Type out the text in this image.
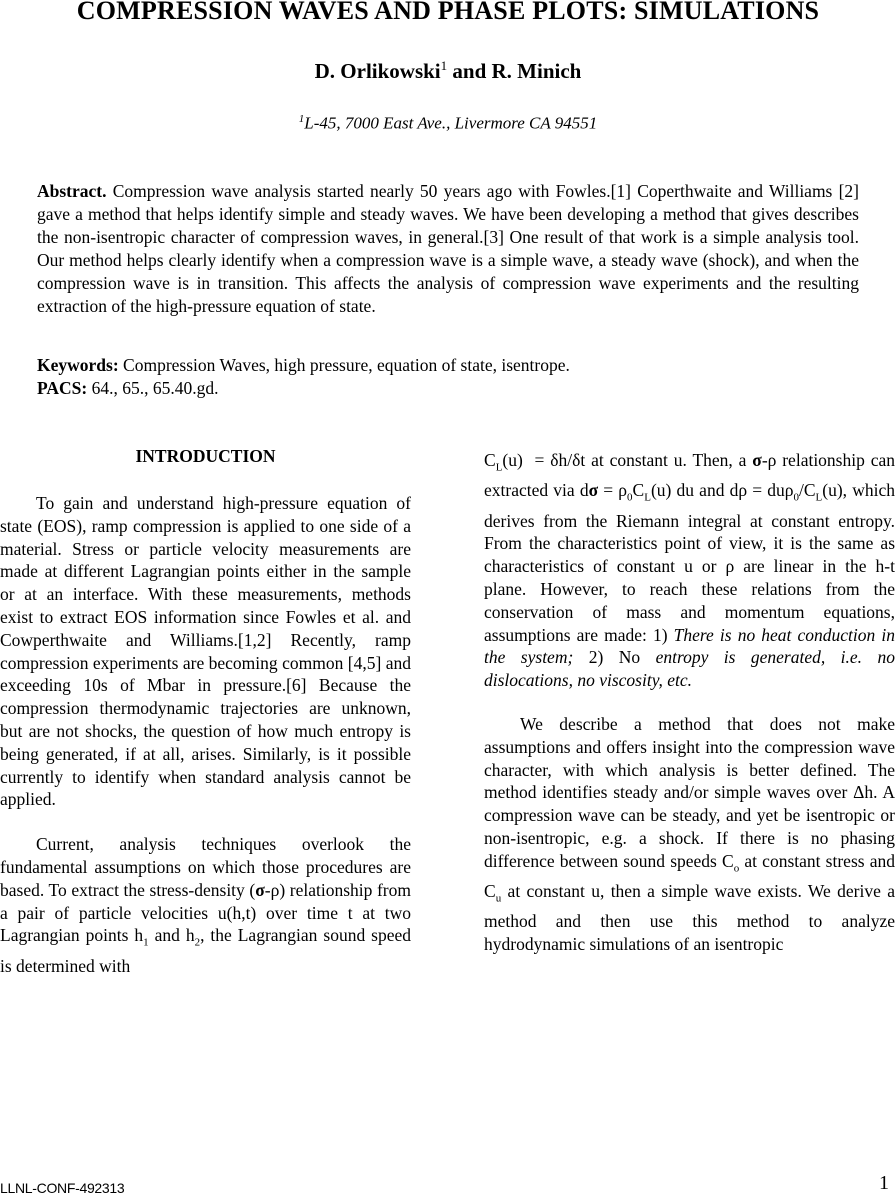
COMPRESSION WAVES AND PHASE PLOTS: SIMULATIONS
D. Orlikowski$^1$ and R. Minich
$^1$L-45, 7000 East Ave., Livermore CA 94551
Abstract. Compression wave analysis started nearly 50 years ago with Fowles.[1] Coperthwaite and Williams [2] gave a method that helps identify simple and steady waves. We have been developing a method that gives describes the non-isentropic character of compression waves, in general.[3] One result of that work is a simple analysis tool. Our method helps clearly identify when a compression wave is a simple wave, a steady wave (shock), and when the compression wave is in transition. This affects the analysis of compression wave experiments and the resulting extraction of the high-pressure equation of state.
Keywords: Compression Waves, high pressure, equation of state, isentrope.
PACS: 64., 65., 65.40.gd.
INTRODUCTION

To gain and understand high-pressure equation of state (EOS), ramp compression is applied to one side of a material. Stress or particle velocity measurements are made at different Lagrangian points either in the sample or at an interface. With these measurements, methods exist to extract EOS information since Fowles et al. and Cowperthwaite and Williams.[1,2] Recently, ramp compression experiments are becoming common [4,5] and exceeding 10s of Mbar in pressure.[6] Because the compression thermodynamic trajectories are unknown, but are not shocks, the question of how much entropy is being generated, if at all, arises. Similarly, is it possible currently to identify when standard analysis cannot be applied.

Current, analysis techniques overlook the fundamental assumptions on which those procedures are based. To extract the stress-density (σ-ρ) relationship from a pair of particle velocities u(h,t) over time t at two Lagrangian points $h_1$ and $h_2$, the Lagrangian sound speed is determined with

$C_L(u) = \delta h/\delta t$ at constant u. Then, a σ-ρ relationship can extracted via $d\sigma = \rho_0C_L(u)$ du and $d\rho = du\rho_0/C_L(u)$, which derives from the Riemann integral at constant entropy. From the characteristics point of view, it is the same as characteristics of constant u or ρ are linear in the h-t plane. However, to reach these relations from the conservation of mass and momentum equations, assumptions are made: 1) There is no heat conduction in the system; 2) No entropy is generated, i.e. no dislocations, no viscosity, etc.

We describe a method that does not make assumptions and offers insight into the compression wave character, with which analysis is better defined. The method identifies steady and/or simple waves over Δh. A compression wave can be steady, and yet be isentropic or non-isentropic, e.g. a shock. If there is no phasing difference between sound speeds $C_o$ at constant stress and $C_u$ at constant u, then a simple wave exists. We derive a method and then use this method to analyze hydrodynamic simulations of an isentropic

LLNL-CONF-492313	1
